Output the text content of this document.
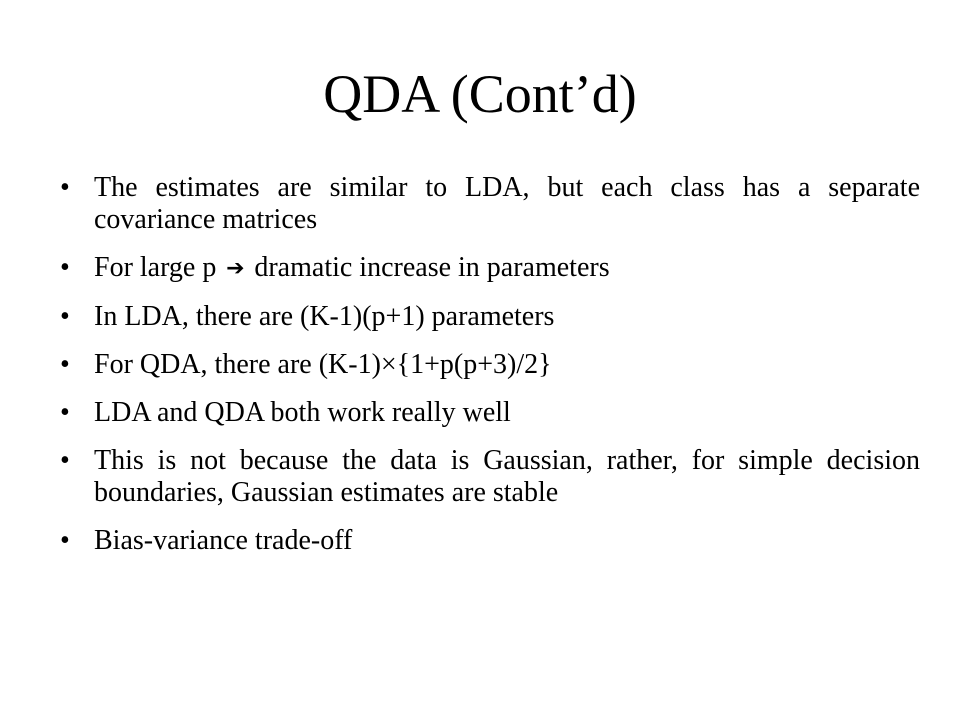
QDA (Cont’d)
• The estimates are similar to LDA, but each class has a separate covariance matrices
• For large p ➔ dramatic increase in parameters
• In LDA, there are (K-1)(p+1) parameters
• For QDA, there are (K-1)×{1+p(p+3)/2}
• LDA and QDA both work really well
• This is not because the data is Gaussian, rather, for simple decision boundaries, Gaussian estimates are stable
• Bias-variance trade-off
